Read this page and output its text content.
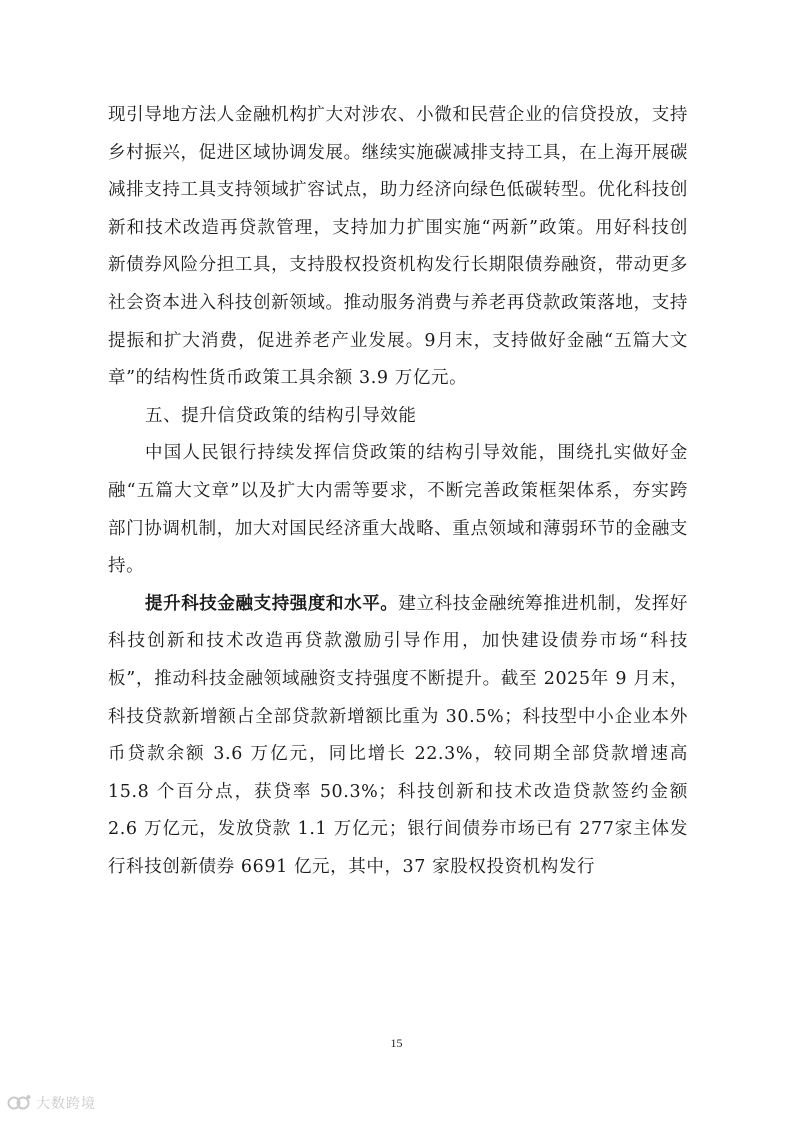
现引导地方法人金融机构扩大对涉农、小微和民营企业的信贷投放，支持乡村振兴，促进区域协调发展。继续实施碳减排支持工具，在上海开展碳减排支持工具支持领域扩容试点，助力经济向绿色低碳转型。优化科技创新和技术改造再贷款管理，支持加力扩围实施“两新”政策。用好科技创新债券风险分担工具，支持股权投资机构发行长期限债券融资，带动更多社会资本进入科技创新领域。推动服务消费与养老再贷款政策落地，支持提振和扩大消费，促进养老产业发展。9月末，支持做好金融“五篇大文章”的结构性货币政策工具余额 3.9 万亿元。

五、提升信贷政策的结构引导效能

中国人民银行持续发挥信贷政策的结构引导效能，围绕扎实做好金融“五篇大文章”以及扩大内需等要求，不断完善政策框架体系，夯实跨部门协调机制，加大对国民经济重大战略、重点领域和薄弱环节的金融支持。

提升科技金融支持强度和水平。建立科技金融统筹推进机制，发挥好科技创新和技术改造再贷款激励引导作用，加快建设债券市场“科技板”，推动科技金融领域融资支持强度不断提升。截至 2025年 9 月末，科技贷款新增额占全部贷款新增额比重为 30.5%；科技型中小企业本外币贷款余额 3.6 万亿元，同比增长 22.3%，较同期全部贷款增速高 15.8 个百分点，获贷率 50.3%；科技创新和技术改造贷款签约金额 2.6 万亿元，发放贷款 1.1 万亿元；银行间债券市场已有 277家主体发行科技创新债券 6691 亿元，其中，37 家股权投资机构发行

15
大数跨境
